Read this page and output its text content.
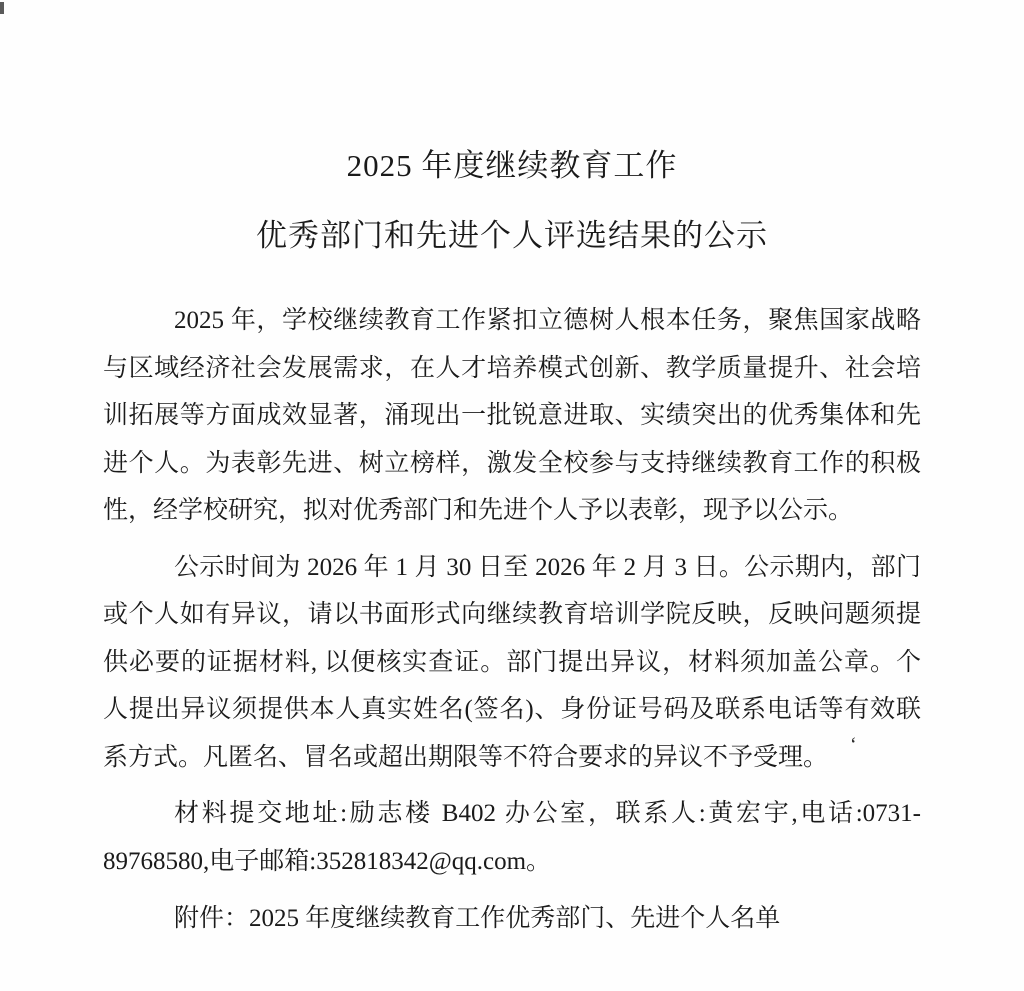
2025 年度继续教育工作
优秀部门和先进个人评选结果的公示
2025 年，学校继续教育工作紧扣立德树人根本任务，聚焦国家战略
与区域经济社会发展需求，在人才培养模式创新、教学质量提升、社会培
训拓展等方面成效显著，涌现出一批锐意进取、实绩突出的优秀集体和先
进个人。为表彰先进、树立榜样，激发全校参与支持继续教育工作的积极
性，经学校研究，拟对优秀部门和先进个人予以表彰，现予以公示。
公示时间为 2026 年 1 月 30 日至 2026 年 2 月 3 日。公示期内，部门
或个人如有异议，请以书面形式向继续教育培训学院反映，反映问题须提
供必要的证据材料, 以便核实查证。部门提出异议，材料须加盖公章。个
人提出异议须提供本人真实姓名(签名)、身份证号码及联系电话等有效联
系方式。凡匿名、冒名或超出期限等不符合要求的异议不予受理。
材料提交地址:励志楼 B402 办公室，联系人:黄宏宇,电话:0731-
89768580,电子邮箱:352818342@qq.com。
附件：2025 年度继续教育工作优秀部门、先进个人名单
‘
